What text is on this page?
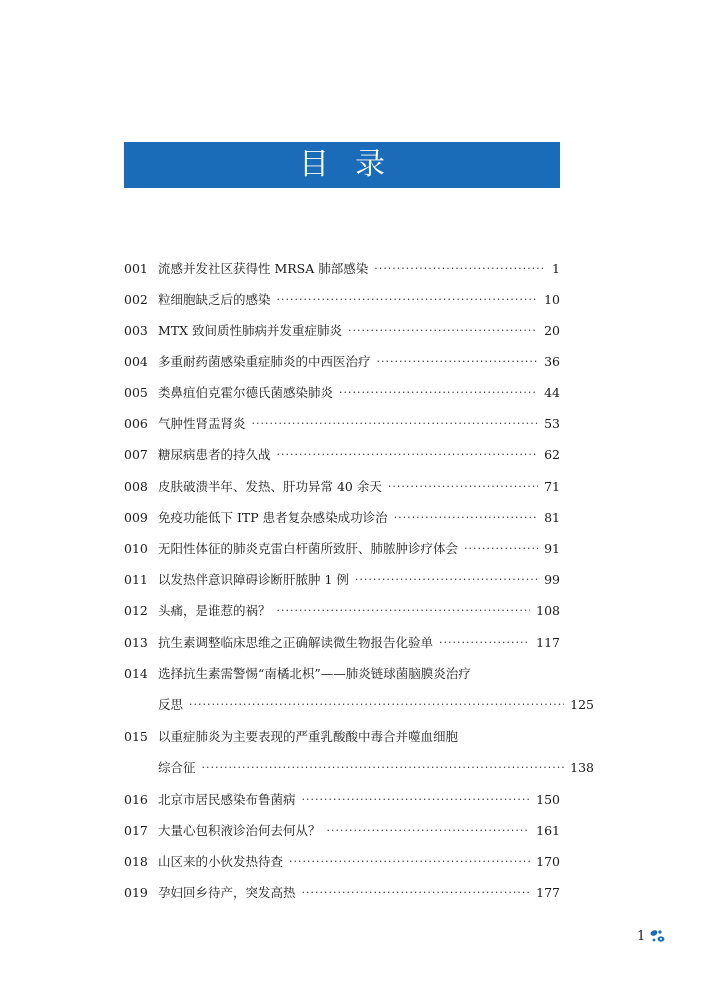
目录
001 流感并发社区获得性 MRSA 肺部感染 ·····	1
002 粒细胞缺乏后的感染 ·····	10
003 MTX 致间质性肺病并发重症肺炎 ·····	20
004 多重耐药菌感染重症肺炎的中西医治疗 ·····	36
005 类鼻疽伯克霍尔德氏菌感染肺炎 ·····	44
006 气肿性肾盂肾炎 ·····	53
007 糖尿病患者的持久战 ·····	62
008 皮肤破溃半年、发热、肝功异常 40 余天 ·····	71
009 免疫功能低下 ITP 患者复杂感染成功诊治 ·····	81
010 无阳性体征的肺炎克雷白杆菌所致肝、肺脓肿诊疗体会 ·····	91
011 以发热伴意识障碍诊断肝脓肿 1 例 ·····	99
012 头痛，是谁惹的祸？ ·····	108
013 抗生素调整临床思维之正确解读微生物报告化验单 ·····	117
014 选择抗生素需警惕“南橘北枳”——肺炎链球菌脑膜炎治疗
反思 ·····	125
015 以重症肺炎为主要表现的严重乳酸酸中毒合并噬血细胞
综合征 ·····	138
016 北京市居民感染布鲁菌病 ·····	150
017 大量心包积液诊治何去何从？ ·····	161
018 山区来的小伙发热待查 ·····	170
019 孕妇回乡待产，突发高热 ·····	177
1
